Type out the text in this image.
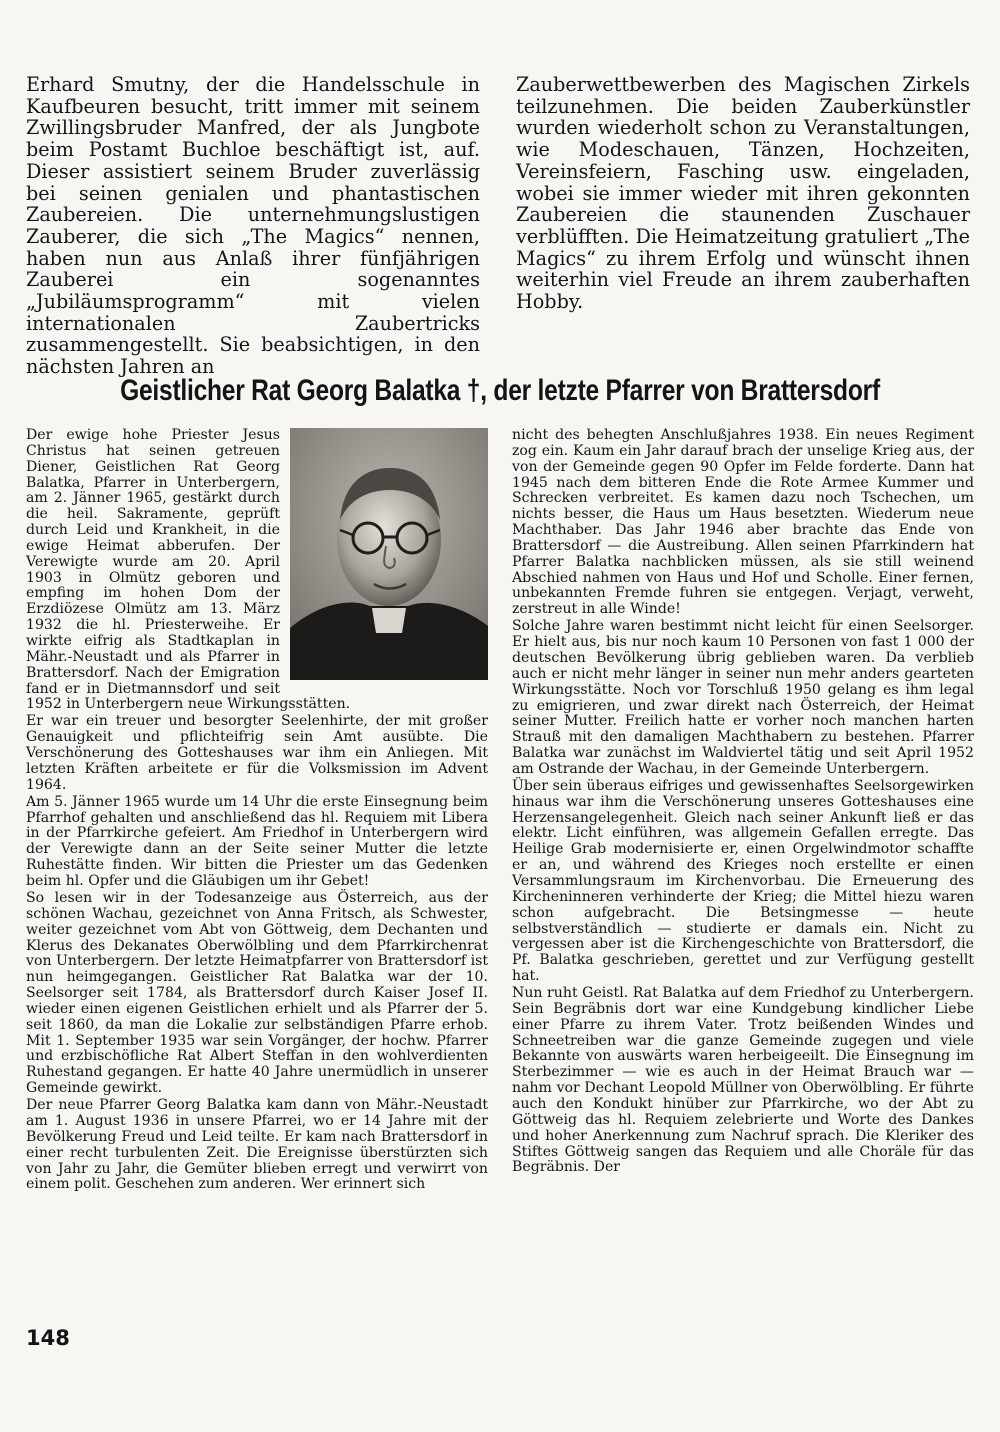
Erhard Smutny, der die Handelsschule in Kaufbeuren besucht, tritt immer mit seinem Zwillingsbruder Manfred, der als Jungbote beim Postamt Buchloe beschäftigt ist, auf. Dieser assistiert seinem Bruder zuverlässig bei seinen genialen und phantastischen Zaubereien. Die unternehmungslustigen Zauberer, die sich „The Magics“ nennen, haben nun aus Anlaß ihrer fünfjährigen Zauberei ein sogenanntes „Jubiläumsprogramm“ mit vielen internationalen Zaubertricks zusammengestellt. Sie beabsichtigen, in den nächsten Jahren an

Zauberwettbewerben des Magischen Zirkels teilzunehmen. Die beiden Zauberkünstler wurden wiederholt schon zu Veranstaltungen, wie Modeschauen, Tänzen, Hochzeiten, Vereinsfeiern, Fasching usw. eingeladen, wobei sie immer wieder mit ihren gekonnten Zaubereien die staunenden Zuschauer verblüfften. Die Heimatzeitung gratuliert „The Magics“ zu ihrem Erfolg und wünscht ihnen weiterhin viel Freude an ihrem zauberhaften Hobby.

Geistlicher Rat Georg Balatka †, der letzte Pfarrer von Brattersdorf

Der ewige hohe Priester Jesus Christus hat seinen getreuen Diener, Geistlichen Rat Georg Balatka, Pfarrer in Unterbergern, am 2. Jänner 1965, gestärkt durch die heil. Sakramente, geprüft durch Leid und Krankheit, in die ewige Heimat abberufen. Der Verewigte wurde am 20. April 1903 in Olmütz geboren und empfing im hohen Dom der Erzdiözese Olmütz am 13. März 1932 die hl. Priesterweihe. Er wirkte eifrig als Stadtkaplan in Mähr.-Neustadt und als Pfarrer in Brattersdorf. Nach der Emigration fand er in Dietmannsdorf und seit 1952 in Unterbergern neue Wirkungsstätten.

Er war ein treuer und besorgter Seelenhirte, der mit großer Genauigkeit und pflichteifrig sein Amt ausübte. Die Verschönerung des Gotteshauses war ihm ein Anliegen. Mit letzten Kräften arbeitete er für die Volksmission im Advent 1964.

Am 5. Jänner 1965 wurde um 14 Uhr die erste Einsegnung beim Pfarrhof gehalten und anschließend das hl. Requiem mit Libera in der Pfarrkirche gefeiert. Am Friedhof in Unterbergern wird der Verewigte dann an der Seite seiner Mutter die letzte Ruhestätte finden. Wir bitten die Priester um das Gedenken beim hl. Opfer und die Gläubigen um ihr Gebet!

So lesen wir in der Todesanzeige aus Österreich, aus der schönen Wachau, gezeichnet von Anna Fritsch, als Schwester, weiter gezeichnet vom Abt von Göttweig, dem Dechanten und Klerus des Dekanates Oberwölbling und dem Pfarrkirchenrat von Unterbergern. Der letzte Heimatpfarrer von Brattersdorf ist nun heimgegangen. Geistlicher Rat Balatka war der 10. Seelsorger seit 1784, als Brattersdorf durch Kaiser Josef II. wieder einen eigenen Geistlichen erhielt und als Pfarrer der 5. seit 1860, da man die Lokalie zur selbständigen Pfarre erhob. Mit 1. September 1935 war sein Vorgänger, der hochw. Pfarrer und erzbischöfliche Rat Albert Steffan in den wohlverdienten Ruhestand gegangen. Er hatte 40 Jahre unermüdlich in unserer Gemeinde gewirkt.

Der neue Pfarrer Georg Balatka kam dann von Mähr.-Neustadt am 1. August 1936 in unsere Pfarrei, wo er 14 Jahre mit der Bevölkerung Freud und Leid teilte. Er kam nach Brattersdorf in einer recht turbulenten Zeit. Die Ereignisse überstürzten sich von Jahr zu Jahr, die Gemüter blieben erregt und verwirrt von einem polit. Geschehen zum anderen. Wer erinnert sich

nicht des behegten Anschlußjahres 1938. Ein neues Regiment zog ein. Kaum ein Jahr darauf brach der unselige Krieg aus, der von der Gemeinde gegen 90 Opfer im Felde forderte. Dann hat 1945 nach dem bitteren Ende die Rote Armee Kummer und Schrecken verbreitet. Es kamen dazu noch Tschechen, um nichts besser, die Haus um Haus besetzten. Wiederum neue Machthaber. Das Jahr 1946 aber brachte das Ende von Brattersdorf — die Austreibung. Allen seinen Pfarrkindern hat Pfarrer Balatka nachblicken müssen, als sie still weinend Abschied nahmen von Haus und Hof und Scholle. Einer fernen, unbekannten Fremde fuhren sie entgegen. Verjagt, verweht, zerstreut in alle Winde!

Solche Jahre waren bestimmt nicht leicht für einen Seelsorger. Er hielt aus, bis nur noch kaum 10 Personen von fast 1 000 der deutschen Bevölkerung übrig geblieben waren. Da verblieb auch er nicht mehr länger in seiner nun mehr anders gearteten Wirkungsstätte. Noch vor Torschluß 1950 gelang es ihm legal zu emigrieren, und zwar direkt nach Österreich, der Heimat seiner Mutter. Freilich hatte er vorher noch manchen harten Strauß mit den damaligen Machthabern zu bestehen. Pfarrer Balatka war zunächst im Waldviertel tätig und seit April 1952 am Ostrande der Wachau, in der Gemeinde Unterbergern.

Über sein überaus eifriges und gewissenhaftes Seelsorgewirken hinaus war ihm die Verschönerung unseres Gotteshauses eine Herzensangelegenheit. Gleich nach seiner Ankunft ließ er das elektr. Licht einführen, was allgemein Gefallen erregte. Das Heilige Grab modernisierte er, einen Orgelwindmotor schaffte er an, und während des Krieges noch erstellte er einen Versammlungsraum im Kirchenvorbau. Die Erneuerung des Kircheninneren verhinderte der Krieg; die Mittel hiezu waren schon aufgebracht. Die Betsingmesse — heute selbstverständlich — studierte er damals ein. Nicht zu vergessen aber ist die Kirchengeschichte von Brattersdorf, die Pf. Balatka geschrieben, gerettet und zur Verfügung gestellt hat.

Nun ruht Geistl. Rat Balatka auf dem Friedhof zu Unterbergern. Sein Begräbnis dort war eine Kundgebung kindlicher Liebe einer Pfarre zu ihrem Vater. Trotz beißenden Windes und Schneetreiben war die ganze Gemeinde zugegen und viele Bekannte von auswärts waren herbeigeeilt. Die Einsegnung im Sterbezimmer — wie es auch in der Heimat Brauch war — nahm vor Dechant Leopold Müllner von Oberwölbling. Er führte auch den Kondukt hinüber zur Pfarrkirche, wo der Abt zu Göttweig das hl. Requiem zelebrierte und Worte des Dankes und hoher Anerkennung zum Nachruf sprach. Die Kleriker des Stiftes Göttweig sangen das Requiem und alle Choräle für das Begräbnis. Der

148
